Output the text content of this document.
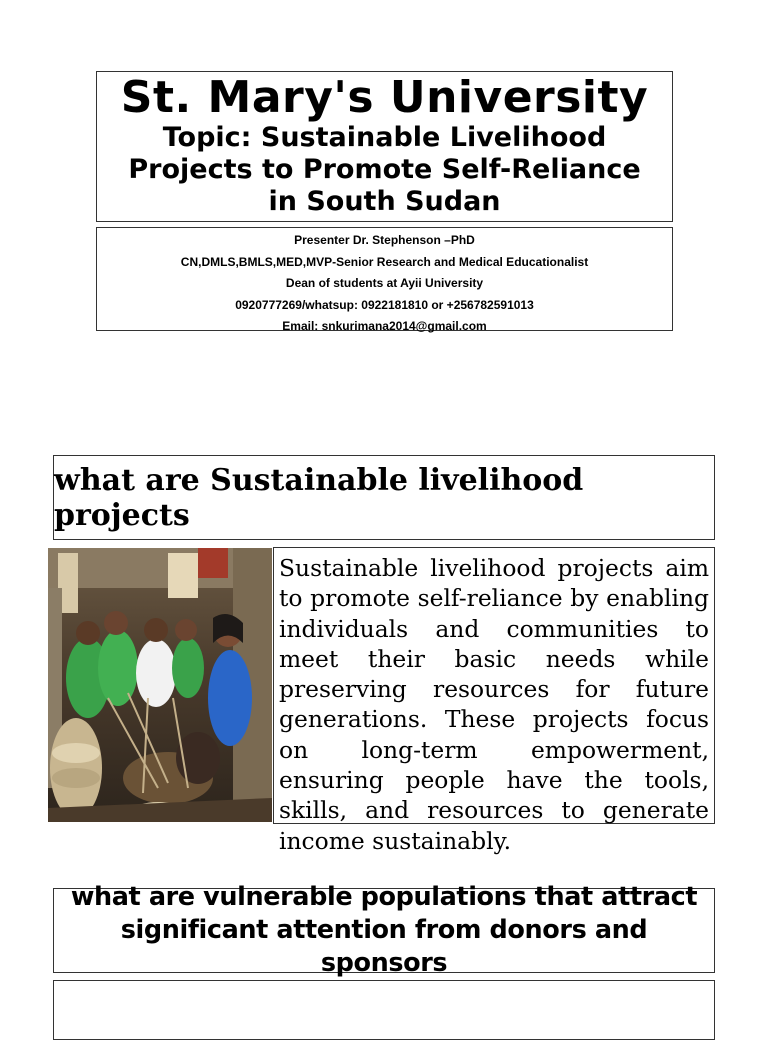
St. Mary's University
Topic: Sustainable Livelihood
Projects to Promote Self-Reliance
in South Sudan
Presenter Dr. Stephenson –PhD
CN,DMLS,BMLS,MED,MVP-Senior Research and Medical Educationalist
Dean of students at Ayii University
0920777269/whatsup: 0922181810 or +256782591013
Email: snkurimana2014@gmail.com
what are Sustainable livelihood projects

Sustainable livelihood projects aim to promote self-reliance by enabling individuals and communities to meet their basic needs while preserving resources for future generations. These projects focus on long-term empowerment, ensuring people have the tools, skills, and resources to generate income sustainably.

what are vulnerable populations that attract
significant attention from donors and sponsors
